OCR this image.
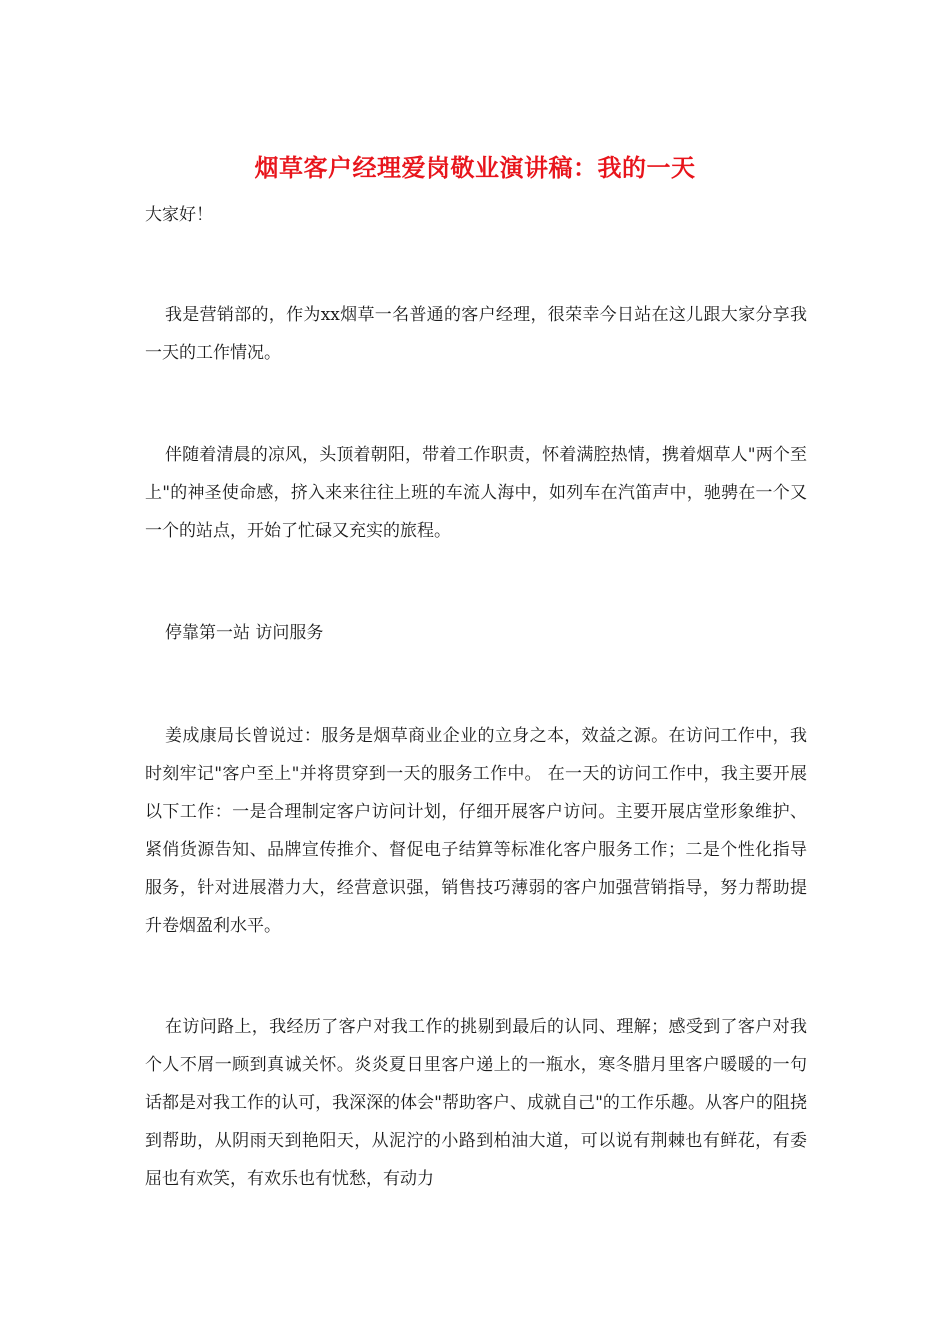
烟草客户经理爱岗敬业演讲稿：我的一天

大家好！

我是营销部的，作为xx烟草一名普通的客户经理，很荣幸今日站在这儿跟大家分享我一天的工作情况。

伴随着清晨的凉风，头顶着朝阳，带着工作职责，怀着满腔热情，携着烟草人"两个至上"的神圣使命感，挤入来来往往上班的车流人海中，如列车在汽笛声中，驰骋在一个又一个的站点，开始了忙碌又充实的旅程。

停靠第一站 访问服务

姜成康局长曾说过：服务是烟草商业企业的立身之本，效益之源。在访问工作中，我时刻牢记"客户至上"并将贯穿到一天的服务工作中。 在一天的访问工作中，我主要开展以下工作：一是合理制定客户访问计划，仔细开展客户访问。主要开展店堂形象维护、紧俏货源告知、品牌宣传推介、督促电子结算等标准化客户服务工作；二是个性化指导服务，针对进展潜力大，经营意识强，销售技巧薄弱的客户加强营销指导，努力帮助提升卷烟盈利水平。

在访问路上，我经历了客户对我工作的挑剔到最后的认同、理解；感受到了客户对我个人不屑一顾到真诚关怀。炎炎夏日里客户递上的一瓶水，寒冬腊月里客户暖暖的一句话都是对我工作的认可，我深深的体会"帮助客户、成就自己"的工作乐趣。从客户的阻挠到帮助，从阴雨天到艳阳天，从泥泞的小路到柏油大道，可以说有荆棘也有鲜花，有委屈也有欢笑，有欢乐也有忧愁，有动力
